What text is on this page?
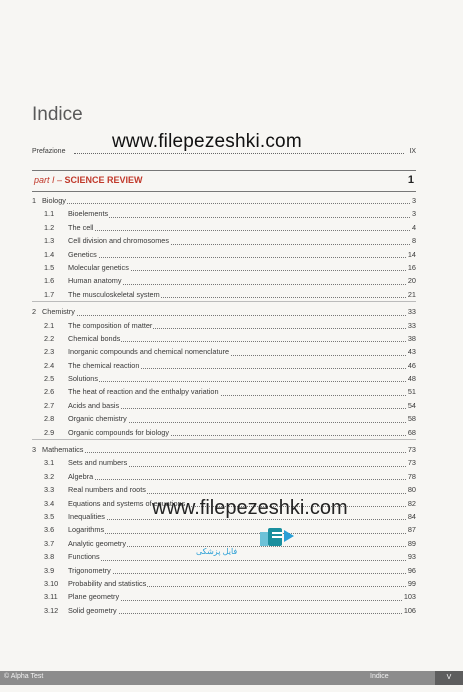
Indice
Prefazione	IX
www.filepezeshki.com
part I – SCIENCE REVIEW	1
1 Biology	3
1.1 Bioelements	3
1.2 The cell	4
1.3 Cell division and chromosomes	8
1.4 Genetics	14
1.5 Molecular genetics	16
1.6 Human anatomy	20
1.7 The musculoskeletal system	21
2 Chemistry	33
2.1 The composition of matter	33
2.2 Chemical bonds	38
2.3 Inorganic compounds and chemical nomenclature	43
2.4 The chemical reaction	46
2.5 Solutions	48
2.6 The heat of reaction and the enthalpy variation	51
2.7 Acids and basis	54
2.8 Organic chemistry	58
2.9 Organic compounds for biology	68
3 Mathematics	73
3.1 Sets and numbers	73
3.2 Algebra	78
3.3 Real numbers and roots	80
3.4 Equations and systems of equations	82
3.5 Inequalities	84
3.6 Logarithms	87
3.7 Analytic geometry	89
3.8 Functions	93
3.9 Trigonometry	96
3.10 Probability and statistics	99
3.11 Plane geometry	103
3.12 Solid geometry	106
www.filepezeshki.com
فایل پزشکی
© Alpha Test	Indice	V
